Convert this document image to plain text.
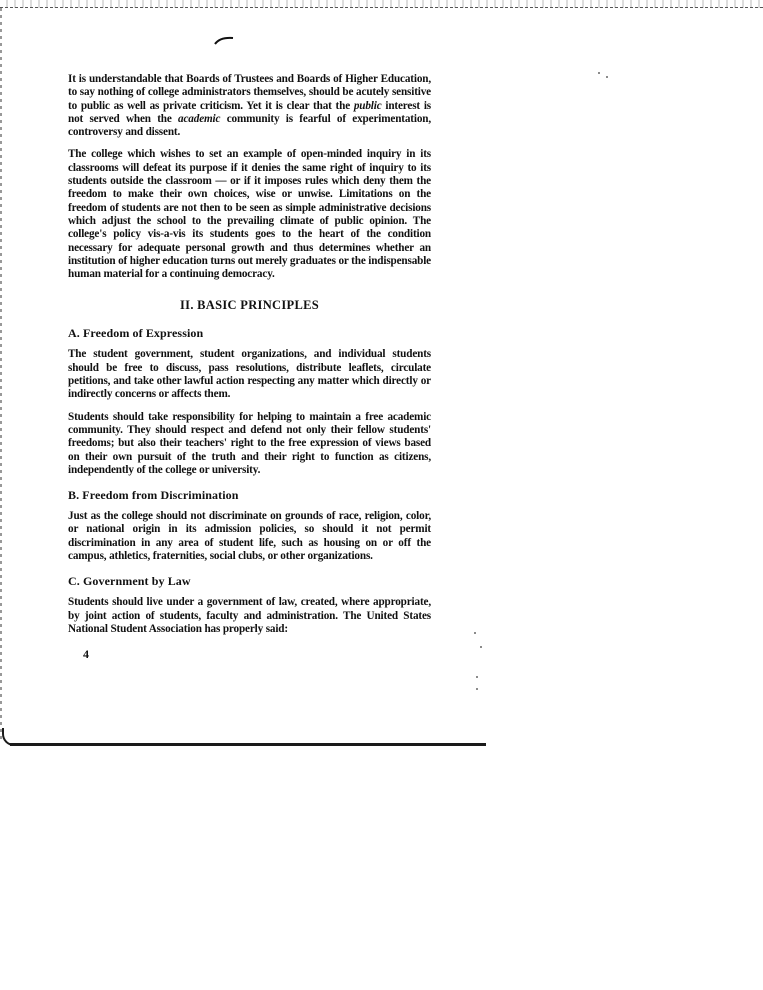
It is understandable that Boards of Trustees and Boards of Higher Education, to say nothing of college administrators themselves, should be acutely sensitive to public as well as private criticism. Yet it is clear that the public interest is not served when the academic community is fearful of experimentation, controversy and dissent.

The college which wishes to set an example of open-minded inquiry in its classrooms will defeat its purpose if it denies the same right of inquiry to its students outside the classroom — or if it imposes rules which deny them the freedom to make their own choices, wise or unwise. Limitations on the freedom of students are not then to be seen as simple administrative decisions which adjust the school to the prevailing climate of public opinion. The college's policy vis-a-vis its students goes to the heart of the condition necessary for adequate personal growth and thus determines whether an institution of higher education turns out merely graduates or the indispensable human material for a continuing democracy.

II. BASIC PRINCIPLES
A. Freedom of Expression

The student government, student organizations, and individual students should be free to discuss, pass resolutions, distribute leaflets, circulate petitions, and take other lawful action respecting any matter which directly or indirectly concerns or affects them.

Students should take responsibility for helping to maintain a free academic community. They should respect and defend not only their fellow students' freedoms; but also their teachers' right to the free expression of views based on their own pursuit of the truth and their right to function as citizens, independently of the college or university.

B. Freedom from Discrimination

Just as the college should not discriminate on grounds of race, religion, color, or national origin in its admission policies, so should it not permit discrimination in any area of student life, such as housing on or off the campus, athletics, fraternities, social clubs, or other organizations.

C. Government by Law

Students should live under a government of law, created, where appropriate, by joint action of students, faculty and administration. The United States National Student Association has properly said:

4
